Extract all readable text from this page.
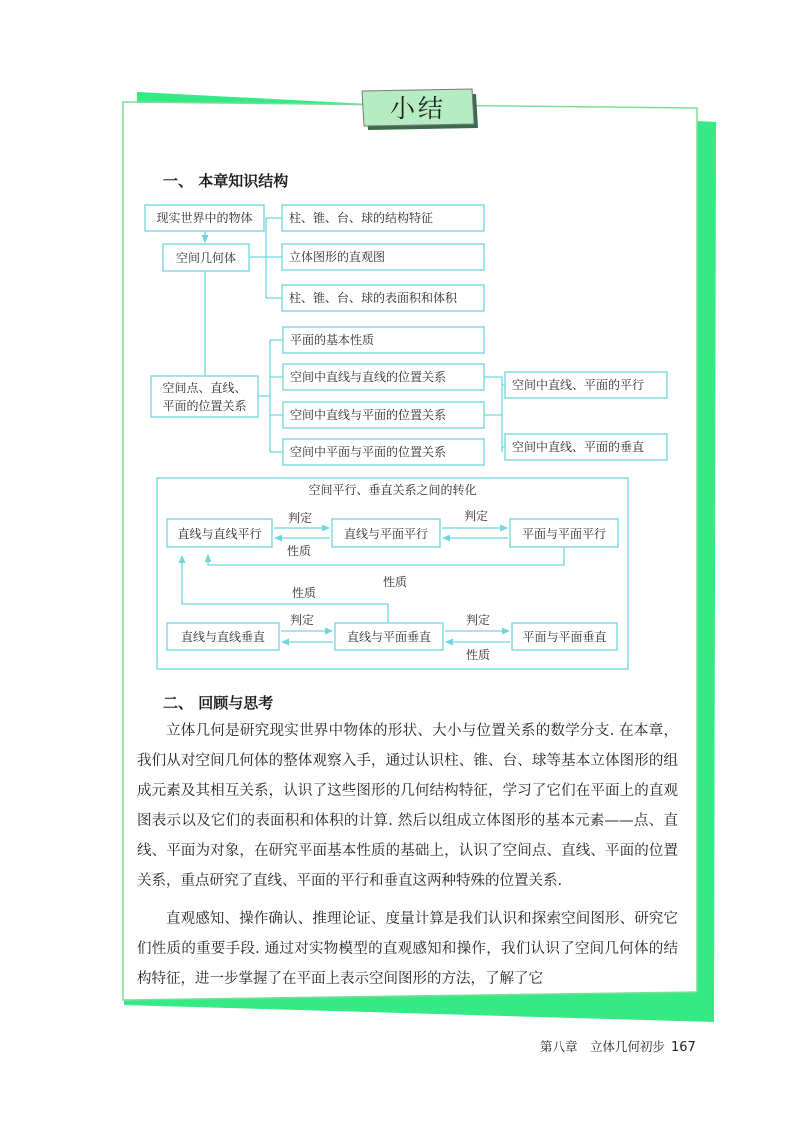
小结
一、 本章知识结构
现实世界中的物体
空间几何体
柱、锥、台、球的结构特征
立体图形的直观图
柱、锥、台、球的表面积和体积
空间点、直线、
平面的位置关系
平面的基本性质
空间中直线与直线的位置关系
空间中直线与平面的位置关系
空间中平面与平面的位置关系
空间中直线、平面的平行
空间中直线、平面的垂直
空间平行、垂直关系之间的转化
直线与直线平行	直线与平面平行	平面与平面平行
判定
性质
判定
性质
性质
直线与直线垂直	直线与平面垂直	平面与平面垂直
判定	判定
性质
二、 回顾与思考

立体几何是研究现实世界中物体的形状、大小与位置关系的数学分支. 在本章，我们从对空间几何体的整体观察入手，通过认识柱、锥、台、球等基本立体图形的组成元素及其相互关系，认识了这些图形的几何结构特征，学习了它们在平面上的直观图表示以及它们的表面积和体积的计算. 然后以组成立体图形的基本元素——点、直线、平面为对象，在研究平面基本性质的基础上，认识了空间点、直线、平面的位置关系，重点研究了直线、平面的平行和垂直这两种特殊的位置关系.

直观感知、操作确认、推理论证、度量计算是我们认识和探索空间图形、研究它们性质的重要手段. 通过对实物模型的直观感知和操作，我们认识了空间几何体的结构特征，进一步掌握了在平面上表示空间图形的方法，了解了它

第八章　立体几何初步 167
